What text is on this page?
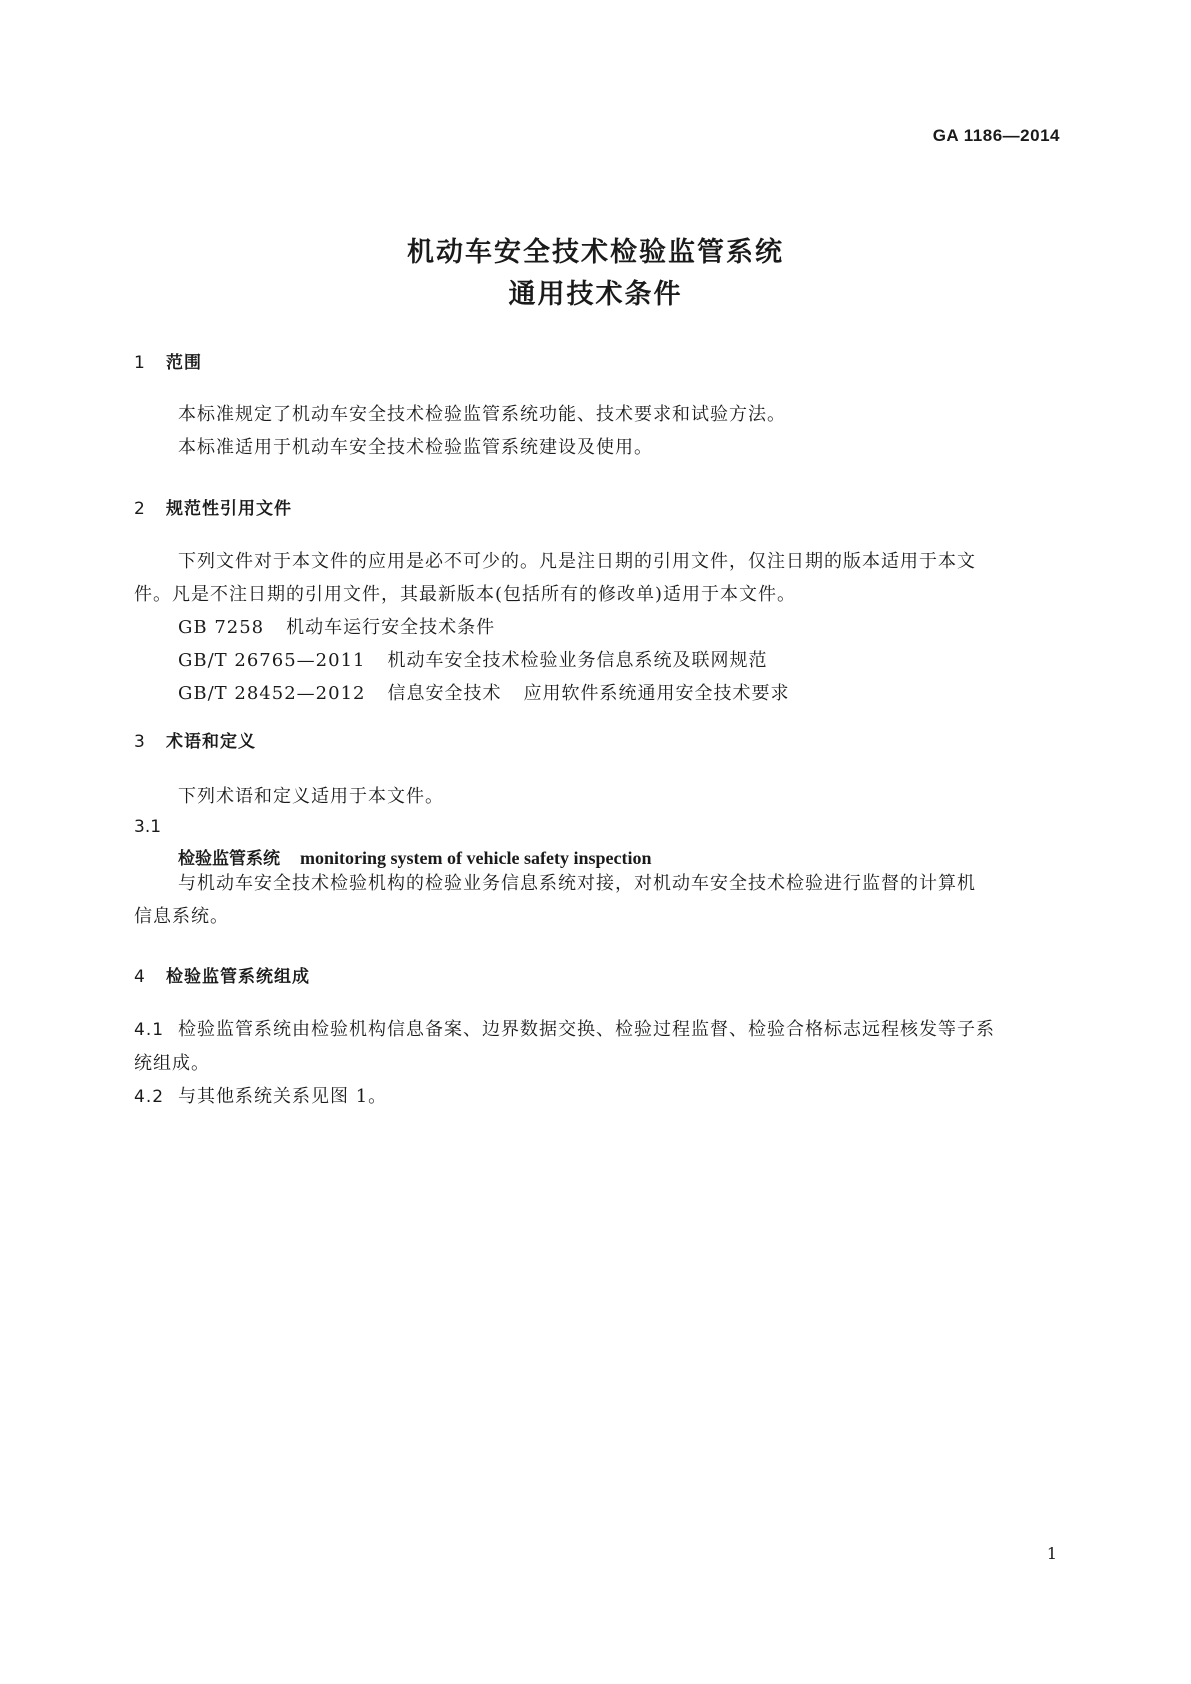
GA 1186—2014
机动车安全技术检验监管系统
通用技术条件
1 范围
本标准规定了机动车安全技术检验监管系统功能、技术要求和试验方法。
本标准适用于机动车安全技术检验监管系统建设及使用。
2 规范性引用文件
下列文件对于本文件的应用是必不可少的。凡是注日期的引用文件，仅注日期的版本适用于本文
件。凡是不注日期的引用文件，其最新版本(包括所有的修改单)适用于本文件。
GB 7258 机动车运行安全技术条件
GB/T 26765—2011 机动车安全技术检验业务信息系统及联网规范
GB/T 28452—2012 信息安全技术 应用软件系统通用安全技术要求
3 术语和定义
下列术语和定义适用于本文件。
3.1
检验监管系统 monitoring system of vehicle safety inspection
与机动车安全技术检验机构的检验业务信息系统对接，对机动车安全技术检验进行监督的计算机
信息系统。
4 检验监管系统组成
4.1 检验监管系统由检验机构信息备案、边界数据交换、检验过程监督、检验合格标志远程核发等子系
统组成。
4.2 与其他系统关系见图 1。
1
